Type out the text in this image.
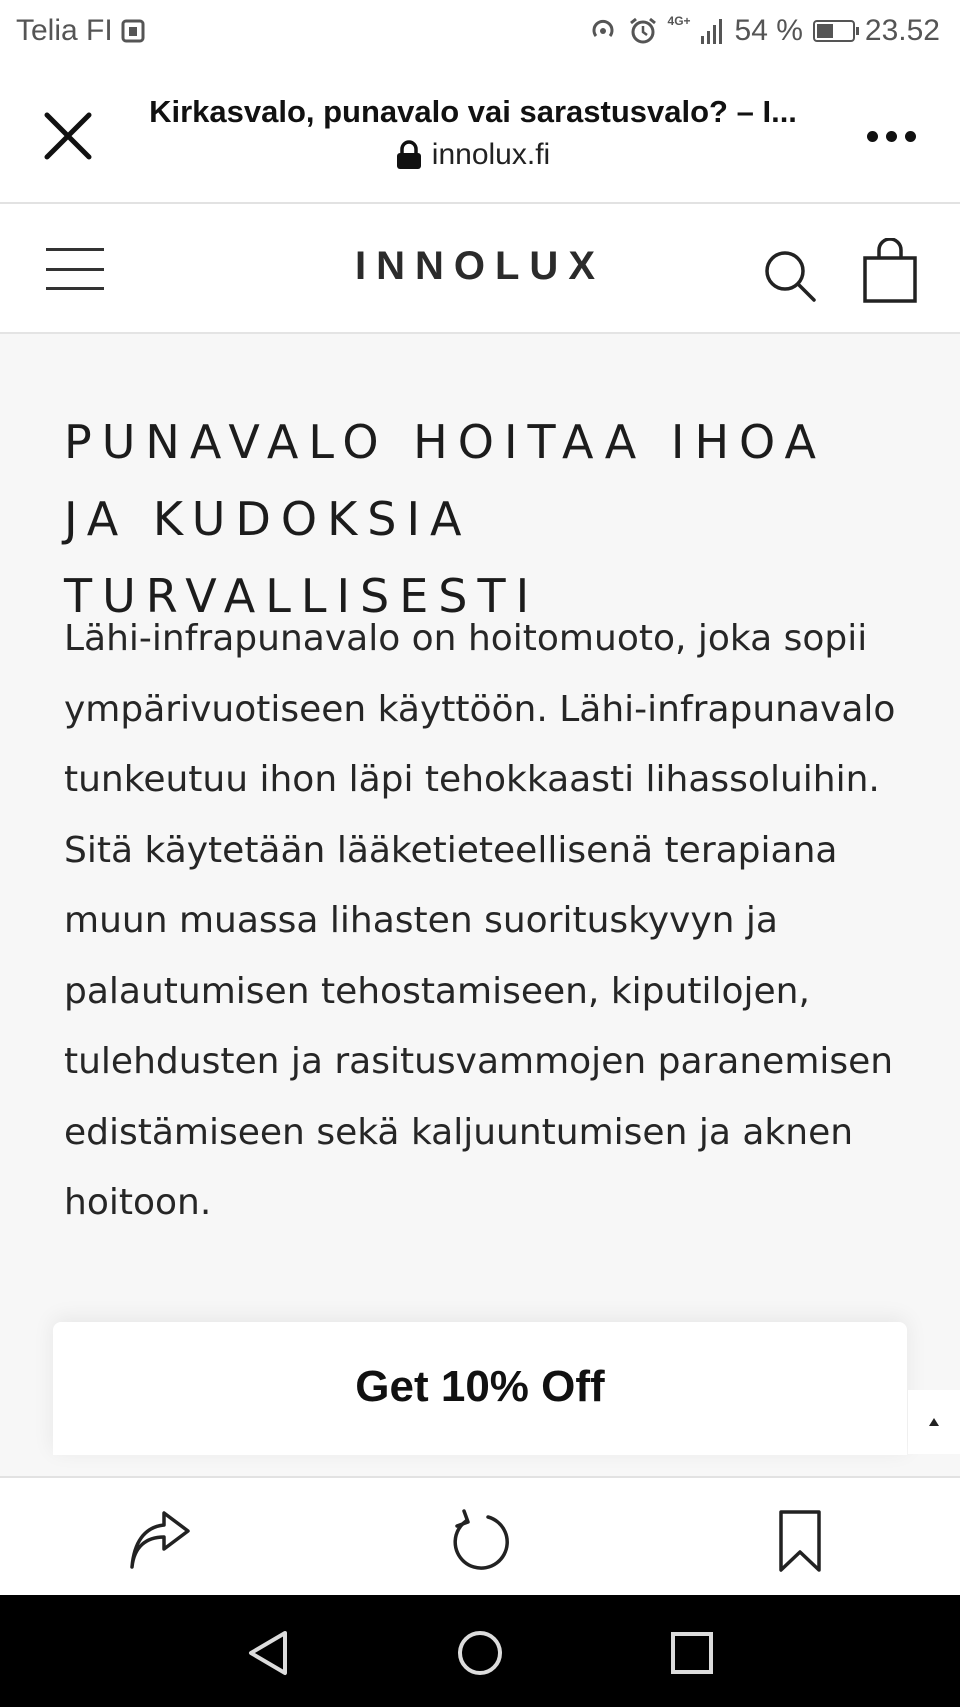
Telia FI	4G+ 54 % 23.52
Kirkasvalo, punavalo vai sarastusvalo? – I...
innolux.fi
INNOLUX
PUNAVALO HOITAA IHOA JA KUDOKSIA TURVALLISESTI

Lähi-infrapunavalo on hoitomuoto, joka sopii ympärivuotiseen käyttöön. Lähi-infrapunavalo tunkeutuu ihon läpi tehokkaasti lihassoluihin. Sitä käytetään lääketieteellisenä terapiana muun muassa lihasten suorituskyvyn ja palautumisen tehostamiseen, kiputilojen, tulehdusten ja rasitusvammojen paranemisen edistämiseen sekä kaljuuntumisen ja aknen hoitoon.

Get 10% Off
